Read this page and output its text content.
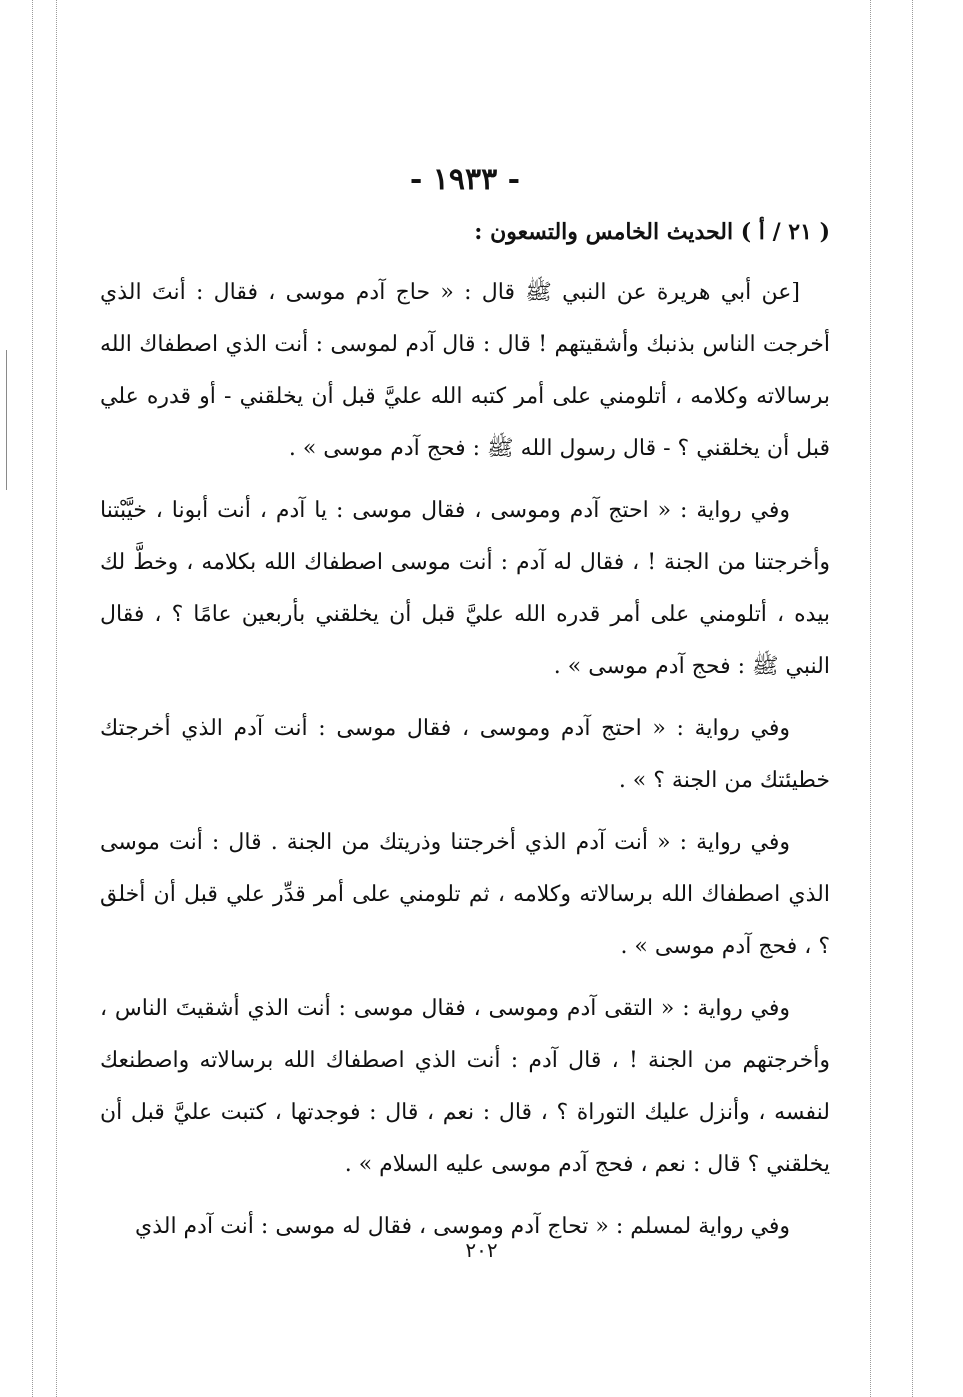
- ١٩٣٣ -
( ٢١ / أ ) الحديث الخامس والتسعون :

[عن أبي هريرة عن النبي ﷺ قال : « حاج آدم موسى ، فقال : أنتَ الذي أخرجت الناس بذنبك وأشقيتهم ! قال : قال آدم لموسى : أنت الذي اصطفاك الله برسالاته وكلامه ، أتلومني على أمر كتبه الله عليَّ قبل أن يخلقني - أو قدره علي قبل أن يخلقني ؟ - قال رسول الله ﷺ : فحج آدم موسى » .

وفي رواية : « احتج آدم وموسى ، فقال موسى : يا آدم ، أنت أبونا ، خيَّبْتنا وأخرجتنا من الجنة ! ، فقال له آدم : أنت موسى اصطفاك الله بكلامه ، وخطَّ لك بيده ، أتلومني على أمر قدره الله عليَّ قبل أن يخلقني بأربعين عامًا ؟ ، فقال النبي ﷺ : فحج آدم موسى » .

وفي رواية : « احتج آدم وموسى ، فقال موسى : أنت آدم الذي أخرجتك خطيئتك من الجنة ؟ » .

وفي رواية : « أنت آدم الذي أخرجتنا وذريتك من الجنة . قال : أنت موسى الذي اصطفاك الله برسالاته وكلامه ، ثم تلومني على أمر قدِّر علي قبل أن أخلق ؟ ، فحج آدم موسى » .

وفي رواية : « التقى آدم وموسى ، فقال موسى : أنت الذي أشقيتَ الناس ، وأخرجتهم من الجنة ! ، قال آدم : أنت الذي اصطفاك الله برسالاته واصطنعك لنفسه ، وأنزل عليك التوراة ؟ ، قال : نعم ، قال : فوجدتها ، كتبت عليَّ قبل أن يخلقني ؟ قال : نعم ، فحج آدم موسى عليه السلام » .

وفي رواية لمسلم : « تحاج آدم وموسى ، فقال له موسى : أنت آدم الذي

٢٠٢
